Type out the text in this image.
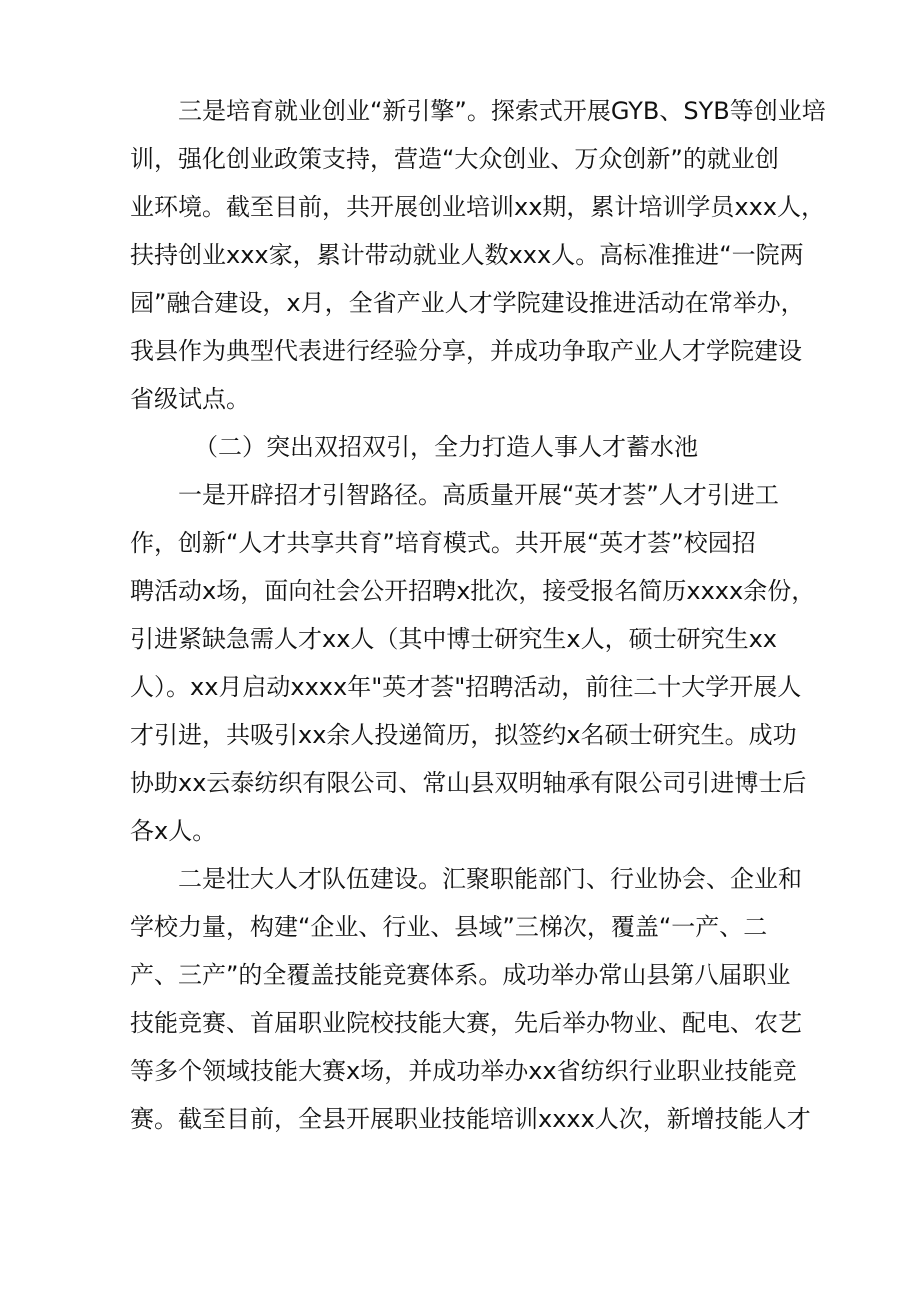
三是培育就业创业“新引擎”。探索式开展GYB、SYB等创业培
训，强化创业政策支持，营造“大众创业、万众创新”的就业创
业环境。截至目前，共开展创业培训xx期，累计培训学员xxx人，
扶持创业xxx家，累计带动就业人数xxx人。高标准推进“一院两
园”融合建设，x月，全省产业人才学院建设推进活动在常举办，
我县作为典型代表进行经验分享，并成功争取产业人才学院建设
省级试点。
（二）突出双招双引，全力打造人事人才蓄水池
一是开辟招才引智路径。高质量开展“英才荟”人才引进工
作，创新“人才共享共育”培育模式。共开展“英才荟”校园招
聘活动x场，面向社会公开招聘x批次，接受报名简历xxxx余份，
引进紧缺急需人才xx人（其中博士研究生x人，硕士研究生xx
人）。xx月启动xxxx年"英才荟"招聘活动，前往二十大学开展人
才引进，共吸引xx余人投递简历，拟签约x名硕士研究生。成功
协助xx云泰纺织有限公司、常山县双明轴承有限公司引进博士后
各x人。
二是壮大人才队伍建设。汇聚职能部门、行业协会、企业和
学校力量，构建“企业、行业、县域”三梯次，覆盖“一产、二
产、三产”的全覆盖技能竞赛体系。成功举办常山县第八届职业
技能竞赛、首届职业院校技能大赛，先后举办物业、配电、农艺
等多个领域技能大赛x场，并成功举办xx省纺织行业职业技能竞
赛。截至目前，全县开展职业技能培训xxxx人次，新增技能人才
